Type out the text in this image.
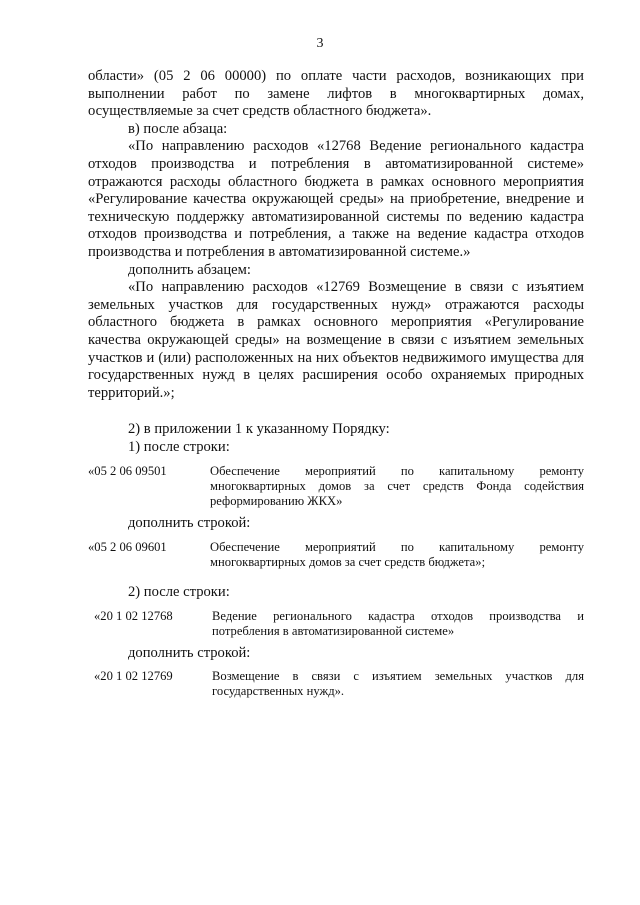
3

области» (05 2 06 00000) по оплате части расходов, возникающих при выполнении работ по замене лифтов в многоквартирных домах, осуществляемые за счет средств областного бюджета».

в) после абзаца:

«По направлению расходов «12768 Ведение регионального кадастра отходов производства и потребления в автоматизированной системе» отражаются расходы областного бюджета в рамках основного мероприятия «Регулирование качества окружающей среды» на приобретение, внедрение и техническую поддержку автоматизированной системы по ведению кадастра отходов производства и потребления, а также на ведение кадастра отходов производства и потребления в автоматизированной системе.»

дополнить абзацем:

«По направлению расходов «12769 Возмещение в связи с изъятием земельных участков для государственных нужд» отражаются расходы областного бюджета в рамках основного мероприятия «Регулирование качества окружающей среды» на возмещение в связи с изъятием земельных участков и (или) расположенных на них объектов недвижимого имущества для государственных нужд в целях расширения особо охраняемых природных территорий.»;

2) в приложении 1 к указанному Порядку:

1) после строки:

«05 2 06 09501	Обеспечение мероприятий по капитальному ремонту многоквартирных домов за счет средств Фонда содействия реформированию ЖКХ»

дополнить строкой:

«05 2 06 09601	Обеспечение мероприятий по капитальному ремонту многоквартирных домов за счет средств бюджета»;

2) после строки:

«20 1 02 12768	Ведение регионального кадастра отходов производства и потребления в автоматизированной системе»

дополнить строкой:

«20 1 02 12769	Возмещение в связи с изъятием земельных участков для государственных нужд».
